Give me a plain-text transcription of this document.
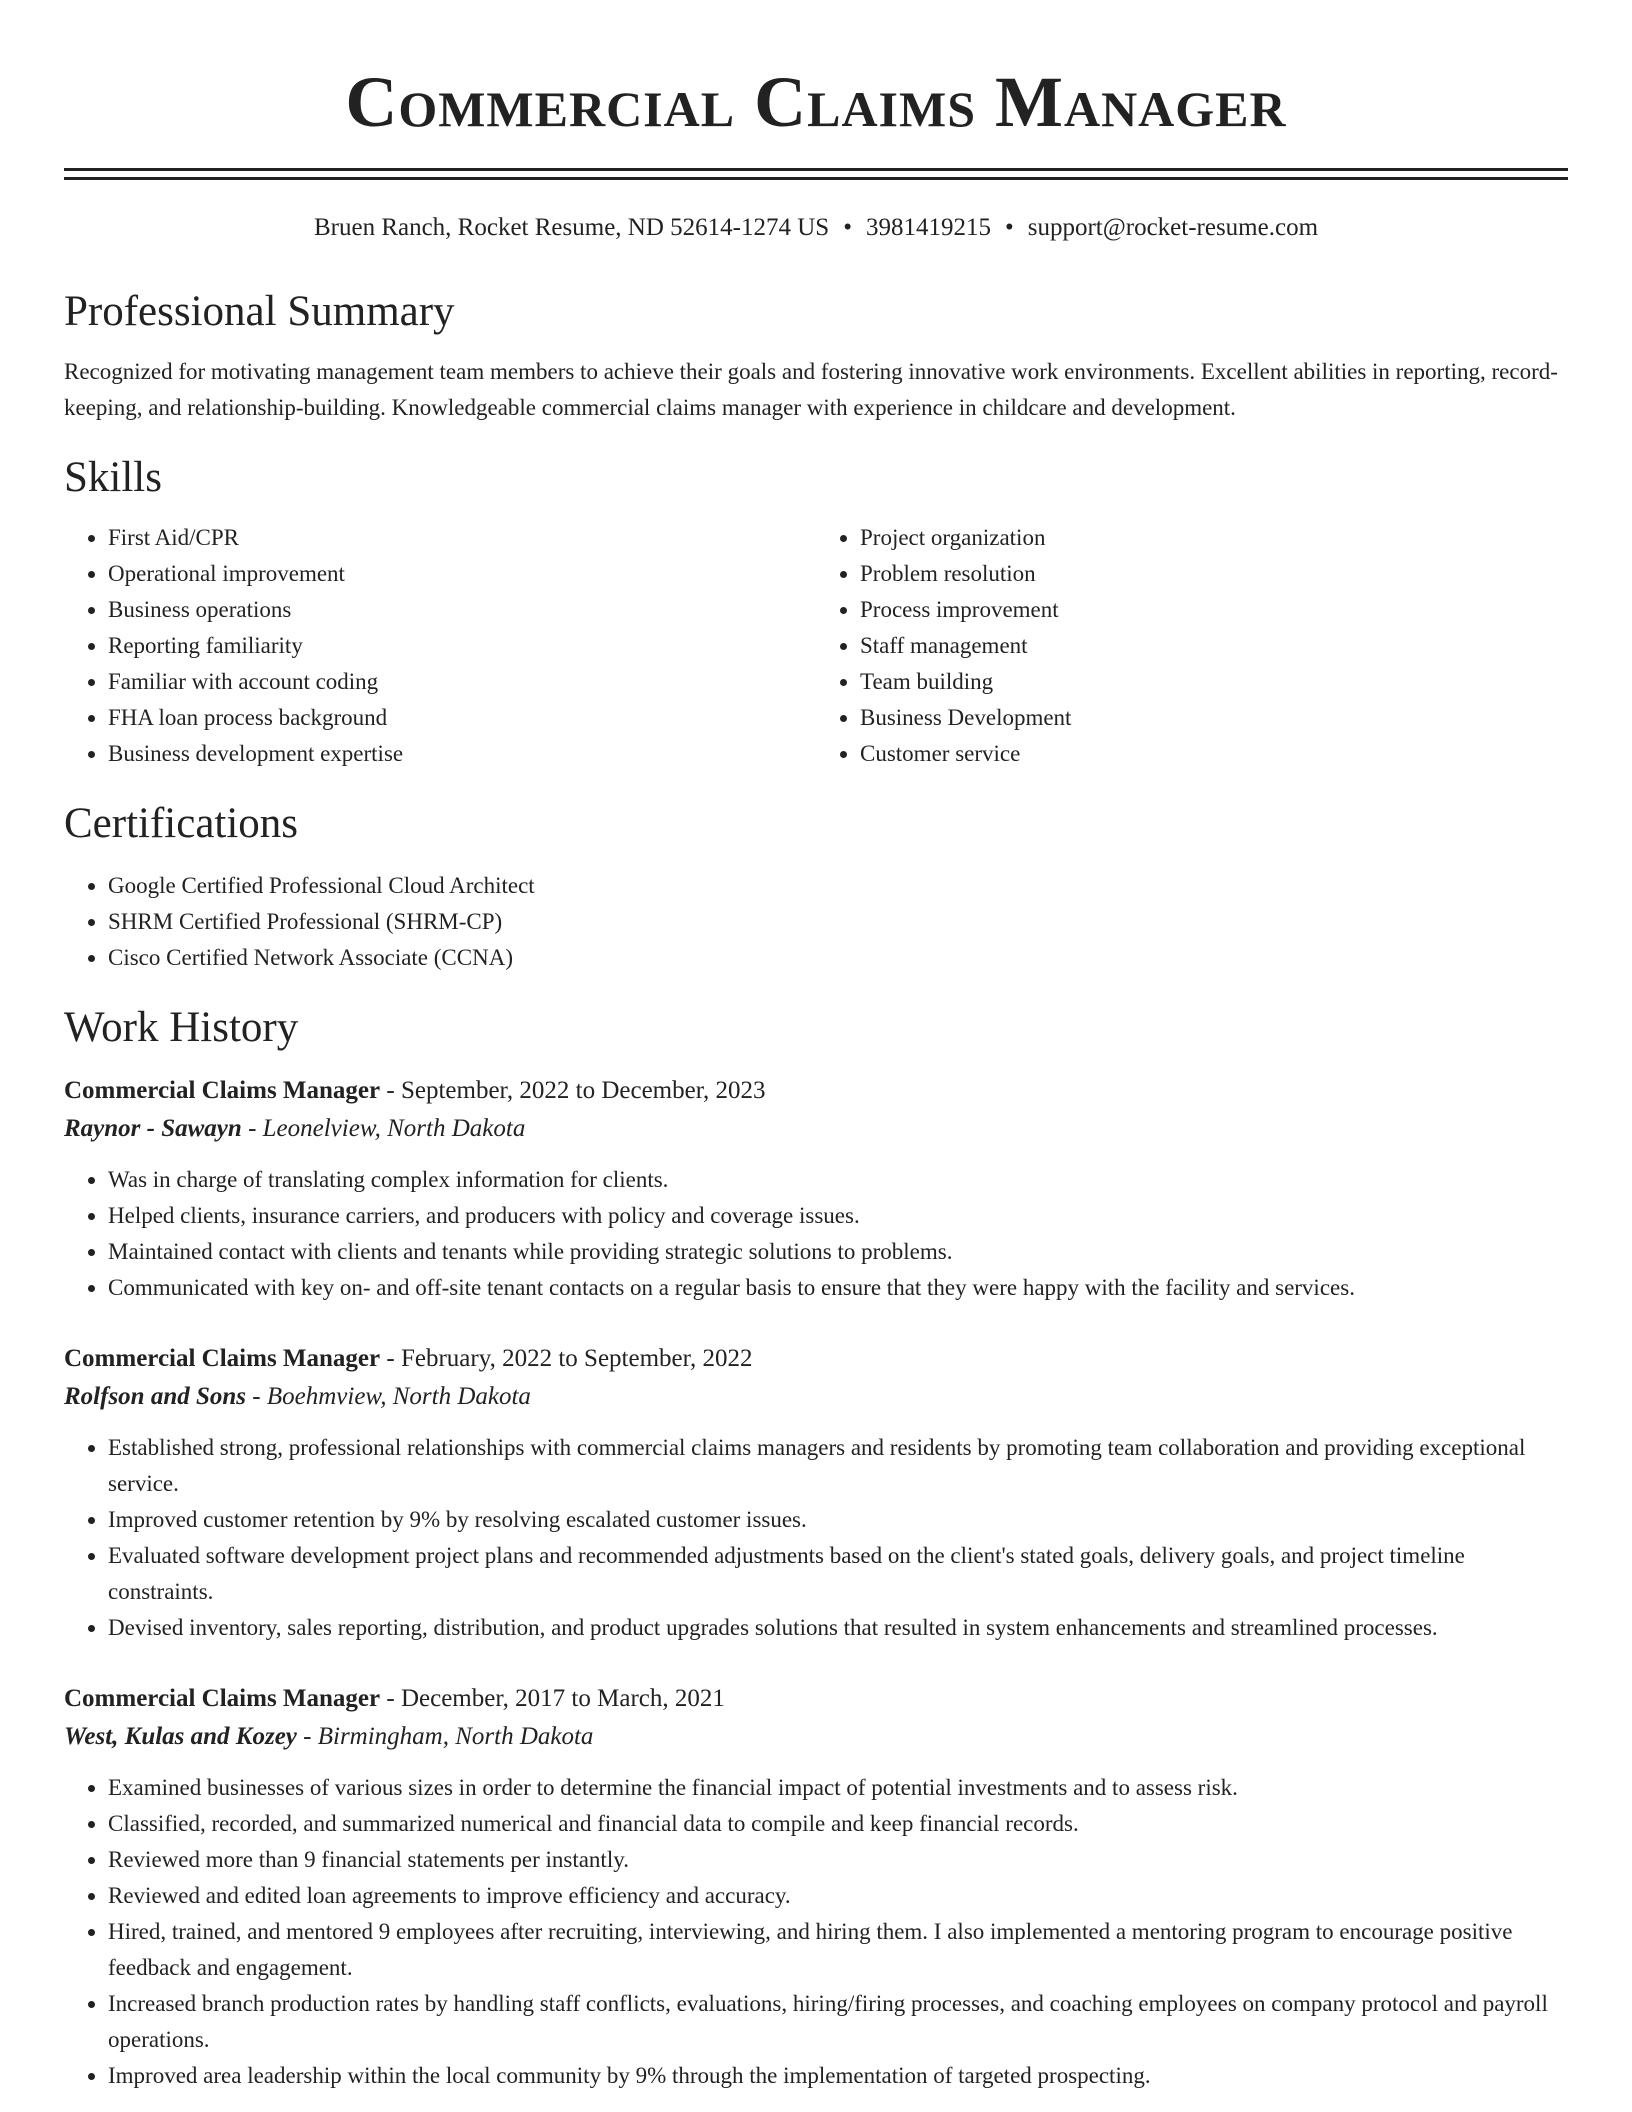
Commercial Claims Manager
Bruen Ranch, Rocket Resume, ND 52614-1274 US • 3981419215 • support@rocket-resume.com
Professional Summary

Recognized for motivating management team members to achieve their goals and fostering innovative work environments. Excellent abilities in reporting, record-keeping, and relationship-building. Knowledgeable commercial claims manager with experience in childcare and development.

Skills
• First Aid/CPR
• Operational improvement
• Business operations
• Reporting familiarity
• Familiar with account coding
• FHA loan process background
• Business development expertise
• Project organization
• Problem resolution
• Process improvement
• Staff management
• Team building
• Business Development
• Customer service
Certifications
• Google Certified Professional Cloud Architect
• SHRM Certified Professional (SHRM-CP)
• Cisco Certified Network Associate (CCNA)
Work History
Commercial Claims Manager - September, 2022 to December, 2023
Raynor - Sawayn - Leonelview, North Dakota
• Was in charge of translating complex information for clients.
• Helped clients, insurance carriers, and producers with policy and coverage issues.
• Maintained contact with clients and tenants while providing strategic solutions to problems.
• Communicated with key on- and off-site tenant contacts on a regular basis to ensure that they were happy with the facility and services.
Commercial Claims Manager - February, 2022 to September, 2022
Rolfson and Sons - Boehmview, North Dakota
• Established strong, professional relationships with commercial claims managers and residents by promoting team collaboration and providing exceptional service.
• Improved customer retention by 9% by resolving escalated customer issues.
• Evaluated software development project plans and recommended adjustments based on the client's stated goals, delivery goals, and project timeline constraints.
• Devised inventory, sales reporting, distribution, and product upgrades solutions that resulted in system enhancements and streamlined processes.
Commercial Claims Manager - December, 2017 to March, 2021
West, Kulas and Kozey - Birmingham, North Dakota
• Examined businesses of various sizes in order to determine the financial impact of potential investments and to assess risk.
• Classified, recorded, and summarized numerical and financial data to compile and keep financial records.
• Reviewed more than 9 financial statements per instantly.
• Reviewed and edited loan agreements to improve efficiency and accuracy.
• Hired, trained, and mentored 9 employees after recruiting, interviewing, and hiring them. I also implemented a mentoring program to encourage positive feedback and engagement.
• Increased branch production rates by handling staff conflicts, evaluations, hiring/firing processes, and coaching employees on company protocol and payroll operations.
• Improved area leadership within the local community by 9% through the implementation of targeted prospecting.
